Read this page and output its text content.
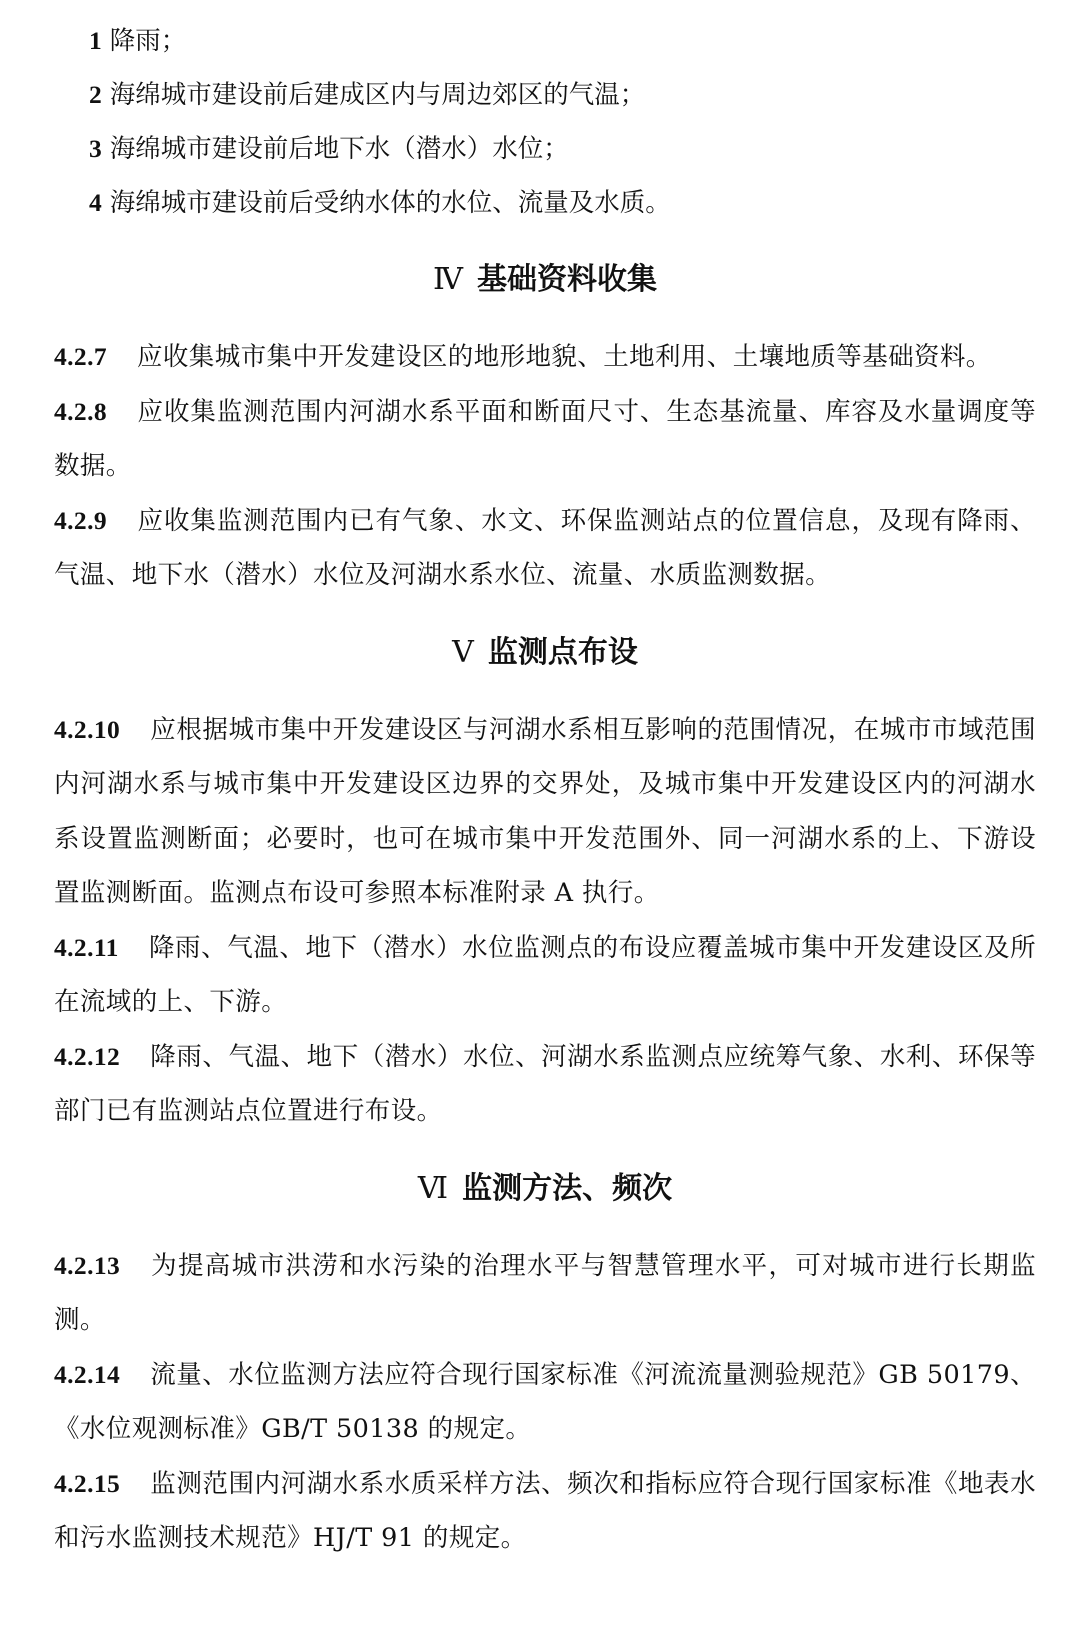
1 降雨；
2 海绵城市建设前后建成区内与周边郊区的气温；
3 海绵城市建设前后地下水（潜水）水位；
4 海绵城市建设前后受纳水体的水位、流量及水质。
Ⅳ 基础资料收集
4.2.7 应收集城市集中开发建设区的地形地貌、土地利用、土壤地质等基础资料。
4.2.8 应收集监测范围内河湖水系平面和断面尺寸、生态基流量、库容及水量调度等数据。
4.2.9 应收集监测范围内已有气象、水文、环保监测站点的位置信息，及现有降雨、气温、地下水（潜水）水位及河湖水系水位、流量、水质监测数据。
Ⅴ 监测点布设
4.2.10 应根据城市集中开发建设区与河湖水系相互影响的范围情况，在城市市域范围内河湖水系与城市集中开发建设区边界的交界处，及城市集中开发建设区内的河湖水系设置监测断面；必要时，也可在城市集中开发范围外、同一河湖水系的上、下游设置监测断面。监测点布设可参照本标准附录 A 执行。
4.2.11 降雨、气温、地下（潜水）水位监测点的布设应覆盖城市集中开发建设区及所在流域的上、下游。
4.2.12 降雨、气温、地下（潜水）水位、河湖水系监测点应统筹气象、水利、环保等部门已有监测站点位置进行布设。
Ⅵ 监测方法、频次
4.2.13 为提高城市洪涝和水污染的治理水平与智慧管理水平，可对城市进行长期监测。
4.2.14 流量、水位监测方法应符合现行国家标准《河流流量测验规范》GB 50179、《水位观测标准》GB/T 50138 的规定。
4.2.15 监测范围内河湖水系水质采样方法、频次和指标应符合现行国家标准《地表水和污水监测技术规范》HJ/T 91 的规定。
